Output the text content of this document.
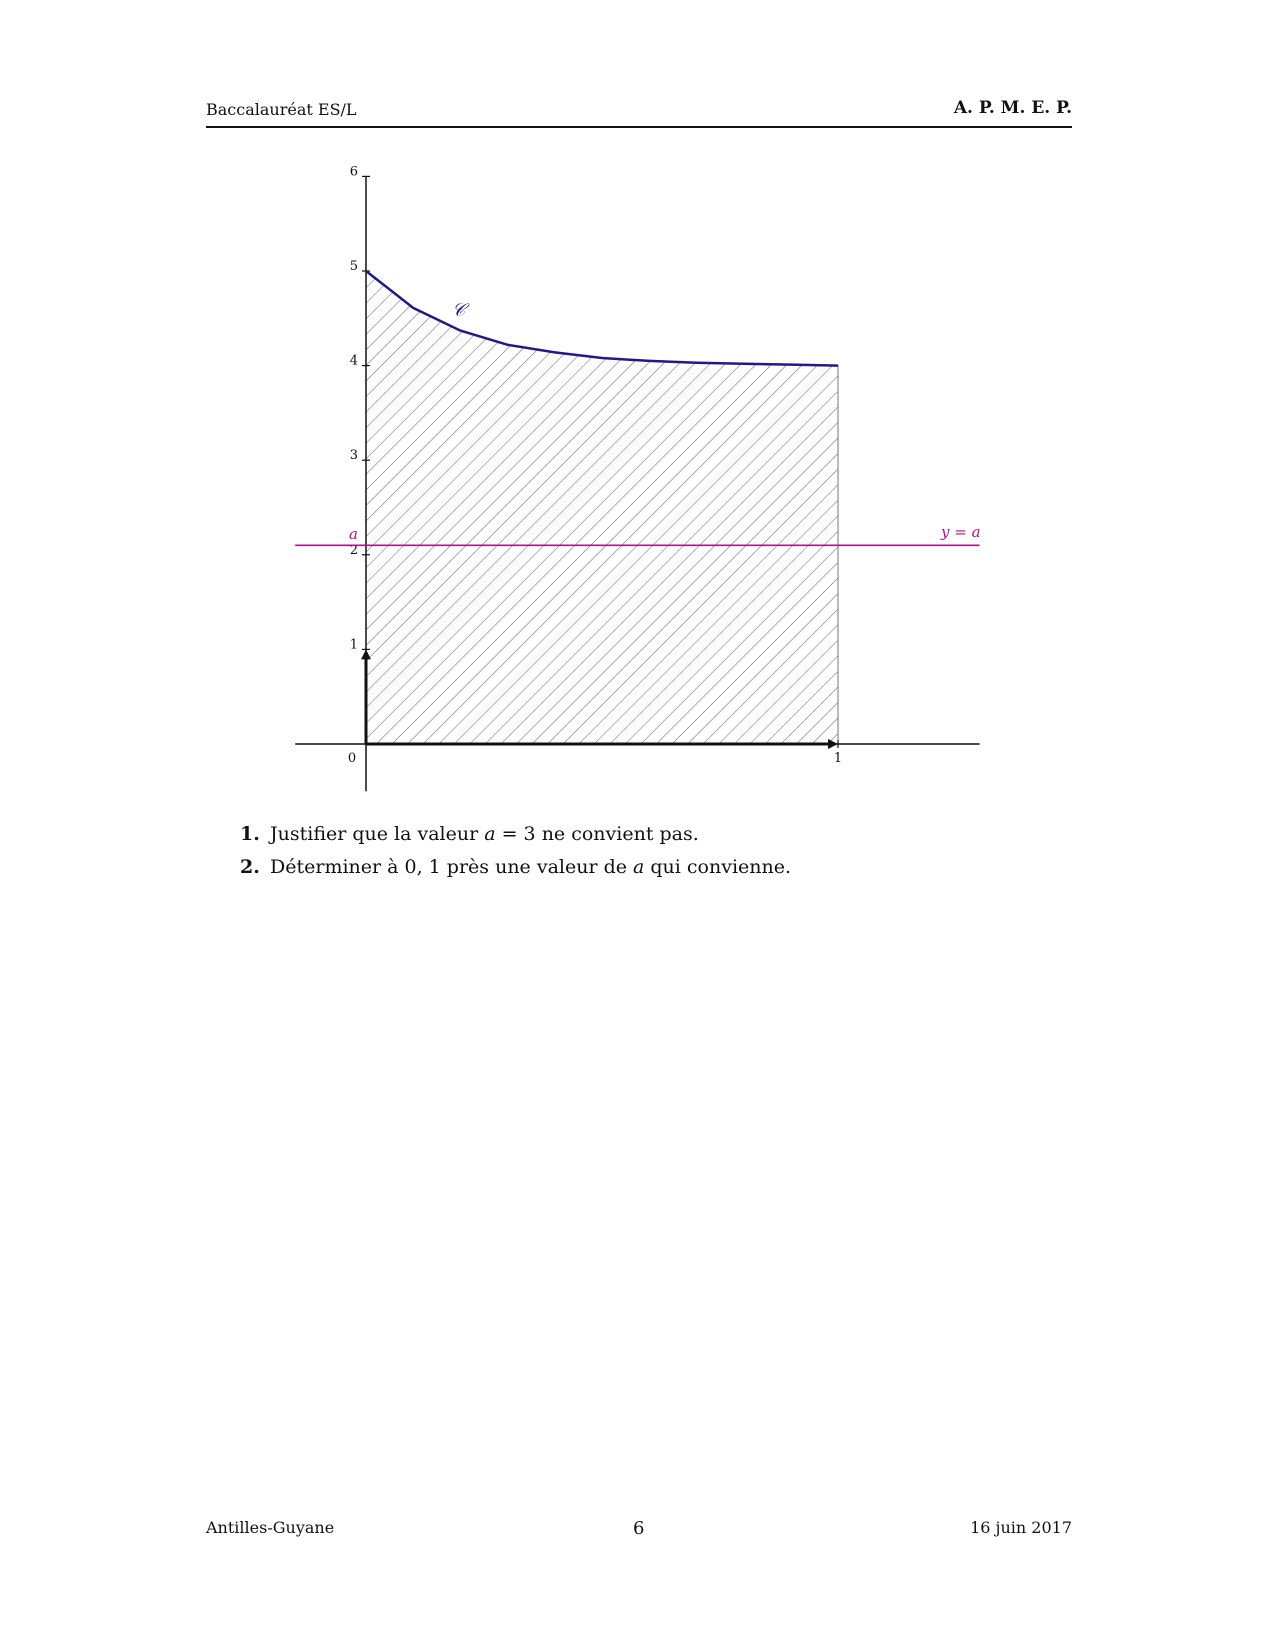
Baccalauréat ES/L	A. P. M. E. P.
1
2
3
4
5
6
0	1
𝒞
y = a
a
1. Justifier que la valeur a = 3 ne convient pas.
2. Déterminer à 0, 1 près une valeur de a qui convienne.
Antilles-Guyane	6	16 juin 2017
